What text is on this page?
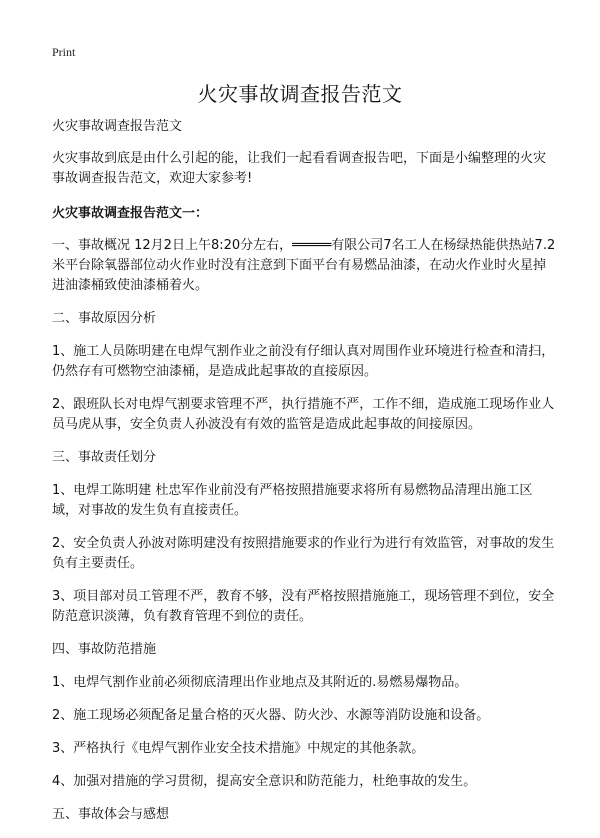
Print
火灾事故调查报告范文

火灾事故调查报告范文

火灾事故到底是由什么引起的能，让我们一起看看调查报告吧，下面是小编整理的火灾事故调查报告范文，欢迎大家参考!

火灾事故调查报告范文一：

一、事故概况 12月2日上午8:20分左右，═════有限公司7名工人在杨绿热能供热站7.2米平台除氧器部位动火作业时没有注意到下面平台有易燃品油漆，在动火作业时火星掉进油漆桶致使油漆桶着火。

二、事故原因分析

1、施工人员陈明建在电焊气割作业之前没有仔细认真对周围作业环境进行检查和清扫，仍然存有可燃物空油漆桶，是造成此起事故的直接原因。

2、跟班队长对电焊气割要求管理不严，执行措施不严，工作不细，造成施工现场作业人员马虎从事，安全负责人孙波没有有效的监管是造成此起事故的间接原因。

三、事故责任划分

1、电焊工陈明建 杜忠军作业前没有严格按照措施要求将所有易燃物品清理出施工区域，对事故的发生负有直接责任。

2、安全负责人孙波对陈明建没有按照措施要求的作业行为进行有效监管，对事故的发生负有主要责任。

3、项目部对员工管理不严，教育不够，没有严格按照措施施工，现场管理不到位，安全防范意识淡薄，负有教育管理不到位的责任。

四、事故防范措施

1、电焊气割作业前必须彻底清理出作业地点及其附近的.易燃易爆物品。

2、施工现场必须配备足量合格的灭火器、防火沙、水源等消防设施和设备。

3、严格执行《电焊气割作业安全技术措施》中规定的其他条款。

4、加强对措施的学习贯彻，提高安全意识和防范能力，杜绝事故的发生。

五、事故体会与感想
